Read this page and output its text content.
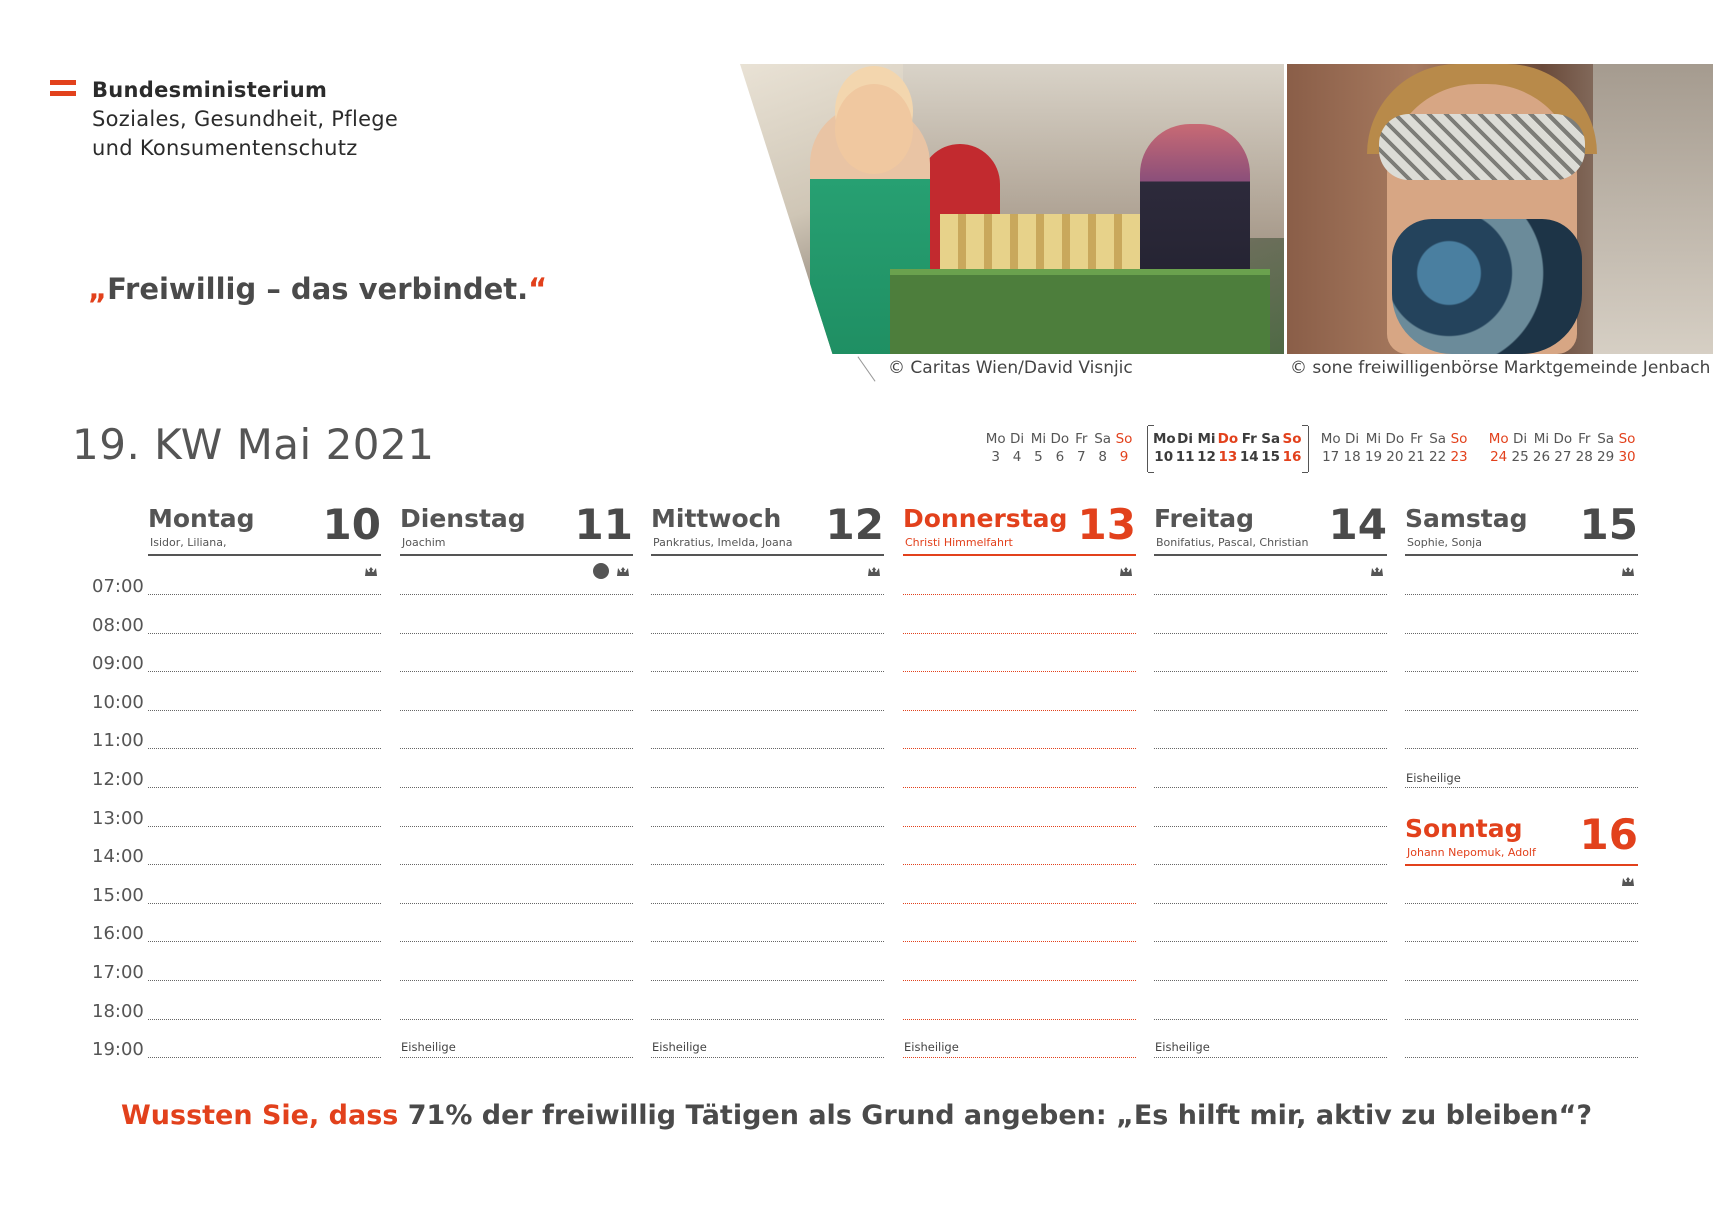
Bundesministerium
Soziales, Gesundheit, Pflege
und Konsumentenschutz
„Freiwillig – das verbindet.“
© Caritas Wien/David Visnjic	© sone freiwilligenbörse Marktgemeinde Jenbach
19. KW Mai 2021	Mo Di Mi Do Fr Sa So
3 4 5 6 7 8 9
Mo Di Mi Do Fr Sa So
10 11 12 13 14 15 16
Mo Di Mi Do Fr Sa So
17 18 19 20 21 22 23
Mo Di Mi Do Fr Sa So
24 25 26 27 28 29 30
07:00
08:00
09:00
10:00
11:00
12:00
13:00
14:00
15:00
16:00
17:00
18:00
19:00
Montag 10
Isidor, Liliana,
Dienstag 11
Joachim
Eisheilige
Mittwoch 12
Pankratius, Imelda, Joana
Eisheilige
Donnerstag 13
Christi Himmelfahrt
Eisheilige
Freitag 14
Bonifatius, Pascal, Christian
Eisheilige
Samstag 15
Sophie, Sonja
Eisheilige
Sonntag 16
Johann Nepomuk, Adolf
Wussten Sie, dass 71% der freiwillig Tätigen als Grund angeben: „Es hilft mir, aktiv zu bleiben“?
